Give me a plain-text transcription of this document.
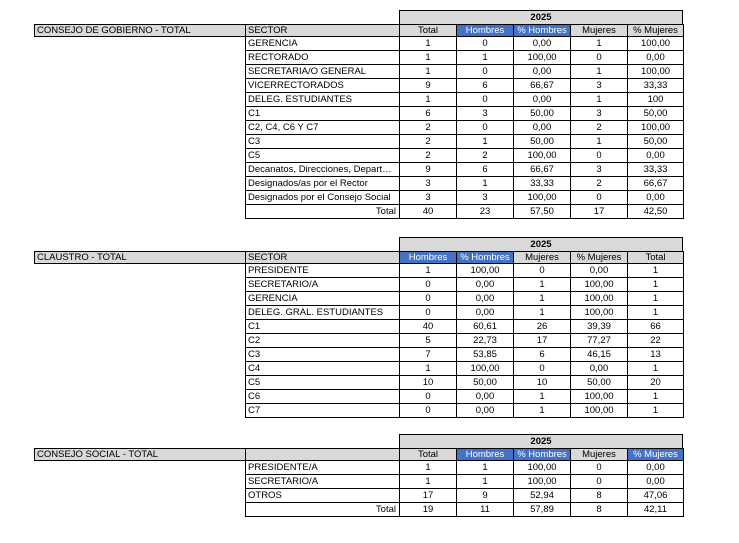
2025
CONSEJO DE GOBIERNO - TOTAL	SECTOR	Total	Hombres	% Hombres	Mujeres	% Mujeres
GERENCIA	1	0	0,00	1	100,00
RECTORADO	1	1	100,00	0	0,00
SECRETARIA/O GENERAL	1	0	0,00	1	100,00
VICERRECTORADOS	9	6	66,67	3	33,33
DELEG. ESTUDIANTES	1	0	0,00	1	100
C1	6	3	50,00	3	50,00
C2, C4, C6 Y C7	2	0	0,00	2	100,00
C3	2	1	50,00	1	50,00
C5	2	2	100,00	0	0,00
Decanatos, Direcciones, Depart…	9	6	66,67	3	33,33
Designados/as por el Rector	3	1	33,33	2	66,67
Designados por el Consejo Social	3	3	100,00	0	0,00
Total	40	23	57,50	17	42,50
2025
CLAUSTRO - TOTAL	SECTOR	Hombres	% Hombres	Mujeres	% Mujeres	Total
PRESIDENTE	1	100,00	0	0,00	1
SECRETARIO/A	0	0,00	1	100,00	1
GERENCIA	0	0,00	1	100,00	1
DELEG. GRAL. ESTUDIANTES	0	0,00	1	100,00	1
C1	40	60,61	26	39,39	66
C2	5	22,73	17	77,27	22
C3	7	53,85	6	46,15	13
C4	1	100,00	0	0,00	1
C5	10	50,00	10	50,00	20
C6	0	0,00	1	100,00	1
C7	0	0,00	1	100,00	1
2025
CONSEJO SOCIAL - TOTAL	Total	Hombres	% Hombres	Mujeres	% Mujeres
PRESIDENTE/A	1	1	100,00	0	0,00
SECRETARIO/A	1	1	100,00	0	0,00
OTROS	17	9	52,94	8	47,06
Total	19	11	57,89	8	42,11
